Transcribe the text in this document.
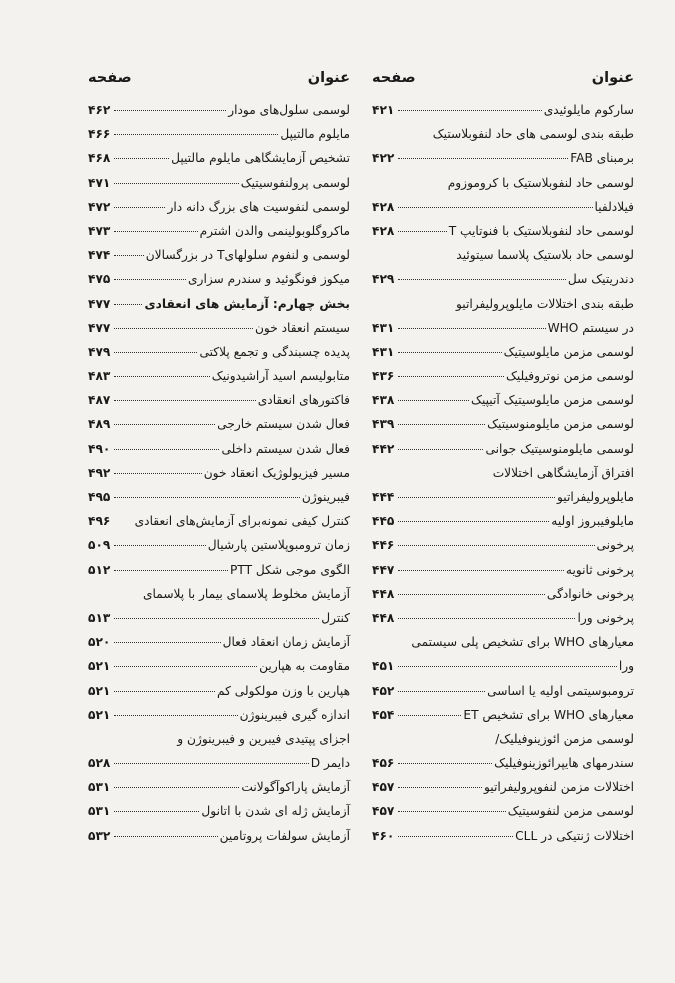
عنوان
صفحه
سارکوم مایلوئیدی
۴۲۱
طبقه بندی لوسمی های حاد لنفوبلاستیک
برمبنای FAB
۴۲۲
لوسمی حاد لنفوبلاستیک با کروموزوم
فیلادلفیا
۴۲۸
لوسمی حاد لنفوبلاستیک با فنوتایپ T
۴۲۸
لوسمی حاد بلاستیک پلاسما سیتوئید
دندریتیک سل
۴۲۹
طبقه بندی اختلالات مایلوپرولیفراتیو
در سیستم WHO
۴۳۱
لوسمی مزمن مایلوسیتیک
۴۳۱
لوسمی مزمن نوتروفیلیک
۴۳۶
لوسمی مزمن مایلوسیتیک آتیپیک
۴۳۸
لوسمی مزمن مایلومنوسیتیک
۴۳۹
لوسمی مایلومنوسیتیک جوانی
۴۴۲
افتراق آزمایشگاهی اختلالات
مایلوپرولیفراتیو
۴۴۴
مایلوفیبروز اولیه
۴۴۵
پرخونی
۴۴۶
پرخونی ثانویه
۴۴۷
پرخونی خانوادگی
۴۴۸
پرخونی ورا
۴۴۸
معیارهای WHO برای تشخیص پلی سیستمی
ورا
۴۵۱
ترومبوسیتمی اولیه یا اساسی
۴۵۲
معیارهای WHO برای تشخیص ET
۴۵۴
لوسمی مزمن ائوزینوفیلیک/
سندرمهای هایپرائوزینوفیلیک
۴۵۶
اختلالات مزمن لنفوپرولیفراتیو
۴۵۷
لوسمی مزمن لنفوسیتیک
۴۵۷
اختلالات ژنتیکی در CLL
۴۶۰
عنوان
صفحه
لوسمی سلول‌های مودار
۴۶۲
مایلوم مالتیپل
۴۶۶
تشخیص آزمایشگاهی مایلوم مالتیپل
۴۶۸
لوسمی پرولنفوسیتیک
۴۷۱
لوسمی لنفوسیت های بزرگ دانه دار
۴۷۲
ماکروگلوبولینمی والدن اشترم
۴۷۳
لوسمی و لنفوم سلولهایT در بزرگسالان
۴۷۴
میکوز فونگوئید و سندرم سزاری
۴۷۵
بخش چهارم: آزمایش های انعقادی
۴۷۷
سیستم انعقاد خون
۴۷۷
پدیده چسبندگی و تجمع پلاکتی
۴۷۹
متابولیسم اسید آراشیدونیک
۴۸۳
فاکتورهای انعقادی
۴۸۷
فعال شدن سیستم خارجی
۴۸۹
فعال شدن سیستم داخلی
۴۹۰
مسیر فیزیولوژیک انعقاد خون
۴۹۲
فیبرینوژن
۴۹۵
کنترل کیفی نمونه‌برای آزمایش‌های انعقادی
۴۹۶
زمان ترومبوپلاستین پارشیال
۵۰۹
الگوی موجی شکل PTT
۵۱۲
آزمایش مخلوط پلاسمای بیمار با پلاسمای
کنترل
۵۱۳
آزمایش زمان انعقاد فعال
۵۲۰
مقاومت به هپارین
۵۲۱
هپارین با وزن مولکولی کم
۵۲۱
اندازه گیری فیبرینوژن
۵۲۱
اجزای پپتیدی فیبرین و فیبرینوژن و
دایمر D
۵۲۸
آزمایش پاراکوآگولانت
۵۳۱
آزمایش ژله ای شدن با اتانول
۵۳۱
آزمایش سولفات پروتامین
۵۳۲
